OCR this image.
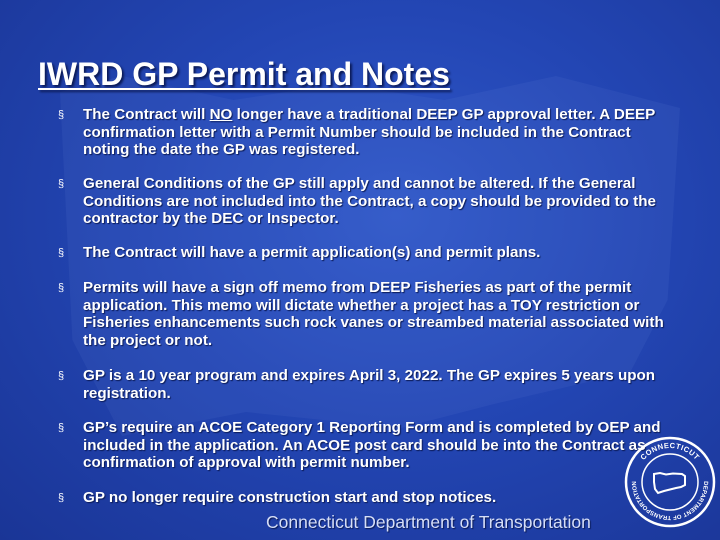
IWRD GP Permit and Notes
§	The Contract will NO longer have a traditional DEEP GP approval letter. A DEEP confirmation letter with a Permit Number should be included in the Contract noting the date the GP was registered.
§	General Conditions of the GP still apply and cannot be altered. If the General Conditions are not included into the Contract, a copy should be provided to the contractor by the DEC or Inspector.
§	The Contract will have a permit application(s) and permit plans.
§	Permits will have a sign off memo from DEEP Fisheries as part of the permit application. This memo will dictate whether a project has a TOY restriction or Fisheries enhancements such rock vanes or streambed material associated with the project or not.
§	GP is a 10 year program and expires April 3, 2022. The GP expires 5 years upon registration.
§	GP’s require an ACOE Category 1 Reporting Form and is completed by OEP and included in the application. An ACOE post card should be into the Contract as confirmation of approval with permit number.
§	GP no longer require construction start and stop notices.
CONNECTICUT
DEPARTMENT OF TRANSPORTATION

Connecticut Department of Transportation
